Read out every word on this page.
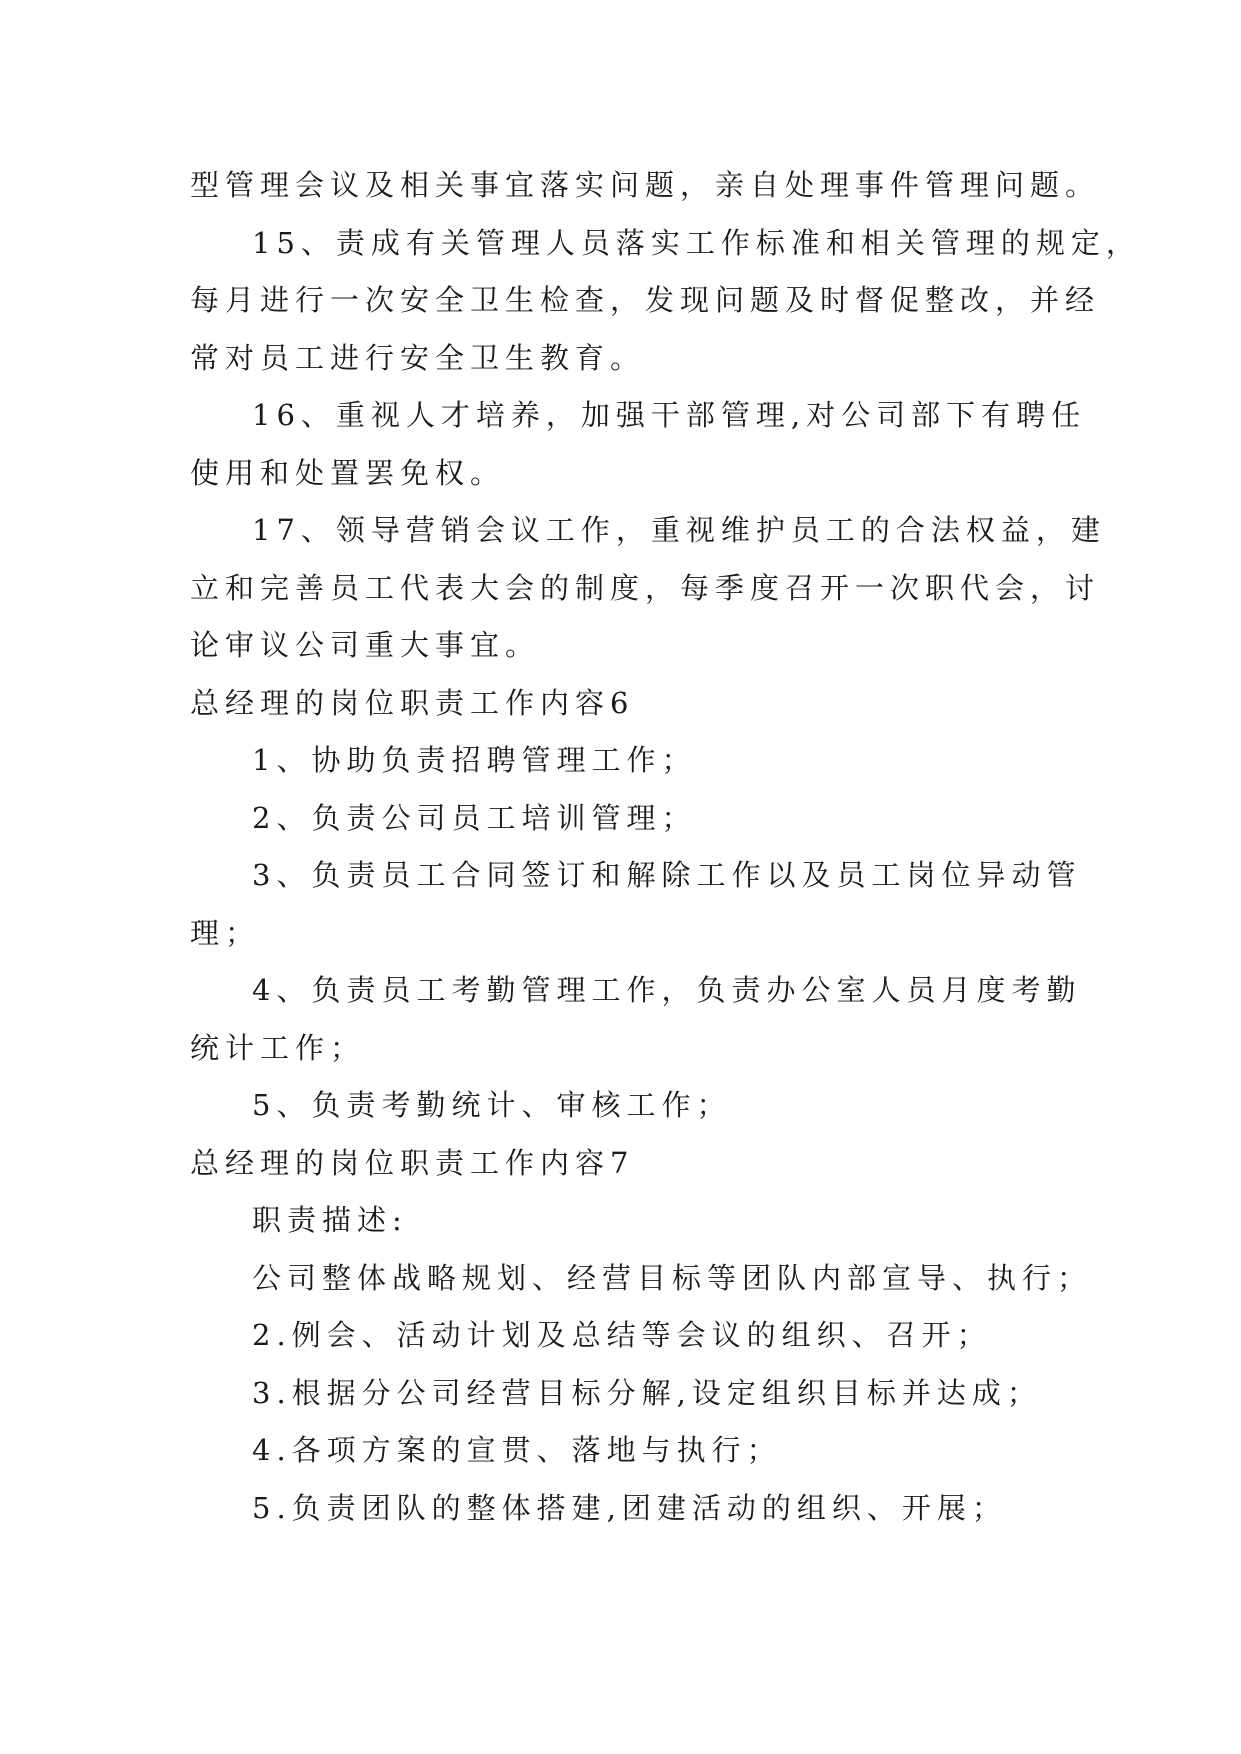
型管理会议及相关事宜落实问题，亲自处理事件管理问题。
15、责成有关管理人员落实工作标准和相关管理的规定，
每月进行一次安全卫生检查，发现问题及时督促整改，并经
常对员工进行安全卫生教育。
16、重视人才培养，加强干部管理,对公司部下有聘任
使用和处置罢免权。
17、领导营销会议工作，重视维护员工的合法权益，建
立和完善员工代表大会的制度，每季度召开一次职代会，讨
论审议公司重大事宜。
总经理的岗位职责工作内容6
1、协助负责招聘管理工作；
2、负责公司员工培训管理；
3、负责员工合同签订和解除工作以及员工岗位异动管
理；
4、负责员工考勤管理工作，负责办公室人员月度考勤
统计工作；
5、负责考勤统计、审核工作；
总经理的岗位职责工作内容7
职责描述:
公司整体战略规划、经营目标等团队内部宣导、执行；
2.例会、活动计划及总结等会议的组织、召开；
3.根据分公司经营目标分解,设定组织目标并达成；
4.各项方案的宣贯、落地与执行；
5.负责团队的整体搭建,团建活动的组织、开展；
